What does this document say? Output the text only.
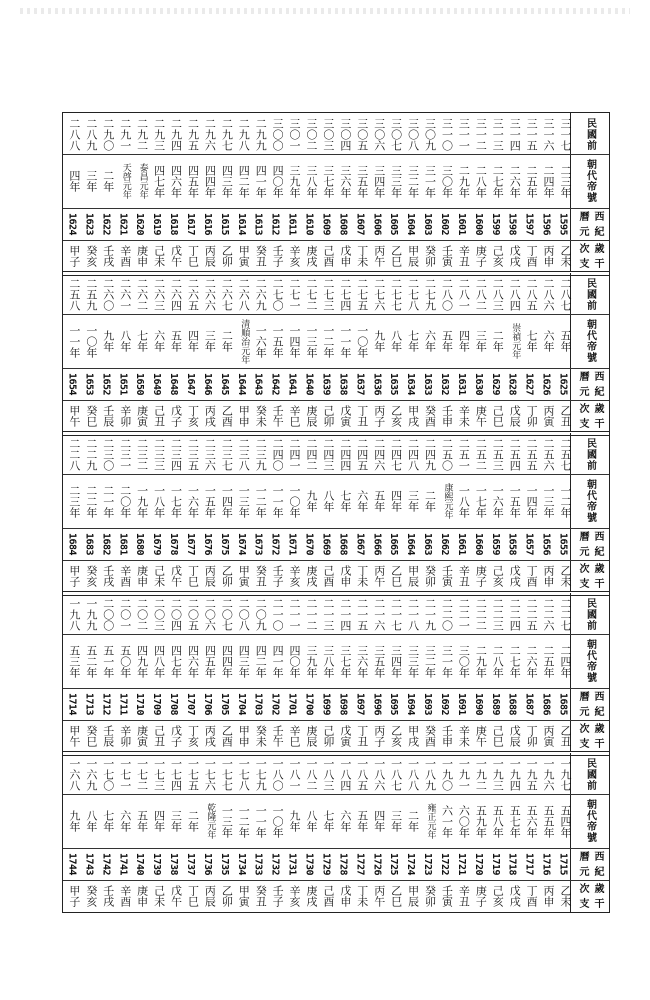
民國前
朝代
帝號
西曆
紀元
歲次
干支
三一七
二三年
1595
乙未
三一六
二四年
1596
丙申
三一五
二五年
1597
丁酉
三一四
二六年
1598
戊戌
三一三
二七年
1599
己亥
三一二
二八年
1600
庚子
三一一
二九年
1601
辛丑
三一〇
三〇年
1602
壬寅
三〇九
三一年
1603
癸卯
三〇八
三二年
1604
甲辰
三〇七
三三年
1605
乙巳
三〇六
三四年
1606
丙午
三〇五
三五年
1607
丁未
三〇四
三六年
1608
戊申
三〇三
三七年
1609
己酉
三〇二
三八年
1610
庚戌
三〇一
三九年
1611
辛亥
三〇〇
四〇年
1612
壬子
二九九
四一年
1613
癸丑
二九八
四二年
1614
甲寅
二九七
四三年
1615
乙卯
二九六
四四年
1616
丙辰
二九五
四五年
1617
丁巳
二九四
四六年
1618
戊午
二九三
四七年
1619
己未
二九二
泰昌元年
1620
庚申
二九一
天啓元年
1621
辛酉
二九〇
二年
1622
壬戌
二八九
三年
1623
癸亥
二八八
四年
1624
甲子
民國前
朝代
帝號
西曆
紀元
歲次
干支
二八七
五年
1625
乙丑
二八六
六年
1626
丙寅
二八五
七年
1627
丁卯
二八四
崇禎元年
1628
戊辰
二八三
二年
1629
己巳
二八二
三年
1630
庚午
二八一
四年
1631
辛未
二八〇
五年
1632
壬申
二七九
六年
1633
癸酉
二七八
七年
1634
甲戌
二七七
八年
1635
乙亥
二七六
九年
1636
丙子
二七五
一〇年
1637
丁丑
二七四
一一年
1638
戊寅
二七三
一二年
1639
己卯
二七二
一三年
1640
庚辰
二七一
一四年
1641
辛巳
二七〇
一五年
1642
壬午
二六九
一六年
1643
癸未
二六八
清順治元年
1644
甲申
二六七
二年
1645
乙酉
二六六
三年
1646
丙戌
二六五
四年
1647
丁亥
二六四
五年
1648
戊子
二六三
六年
1649
己丑
二六二
七年
1650
庚寅
二六一
八年
1651
辛卯
二六〇
九年
1652
壬辰
二五九
一〇年
1653
癸巳
二五八
一一年
1654
甲午
民國前
朝代
帝號
西曆
紀元
歲次
干支
二五七
一二年
1655
乙未
二五六
一三年
1656
丙申
二五五
一四年
1657
丁酉
二五四
一五年
1658
戊戌
二五三
一六年
1659
己亥
二五二
一七年
1660
庚子
二五一
一八年
1661
辛丑
二五〇
康熙元年
1662
壬寅
二四九
二年
1663
癸卯
二四八
三年
1664
甲辰
二四七
四年
1665
乙巳
二四六
五年
1666
丙午
二四五
六年
1667
丁未
二四四
七年
1668
戊申
二四三
八年
1669
己酉
二四二
九年
1670
庚戌
二四一
一〇年
1671
辛亥
二四〇
一一年
1672
壬子
二三九
一二年
1673
癸丑
二三八
一三年
1674
甲寅
二三七
一四年
1675
乙卯
二三六
一五年
1676
丙辰
二三五
一六年
1677
丁巳
二三四
一七年
1678
戊午
二三三
一八年
1679
己未
二三二
一九年
1680
庚申
二三一
二〇年
1681
辛酉
二三〇
二一年
1682
壬戌
二二九
二二年
1683
癸亥
二二八
二三年
1684
甲子
民國前
朝代
帝號
西曆
紀元
歲次
干支
二二七
二四年
1685
乙丑
二二六
二五年
1686
丙寅
二二五
二六年
1687
丁卯
二二四
二七年
1688
戊辰
二二三
二八年
1689
己巳
二二二
二九年
1690
庚午
二二一
三〇年
1691
辛未
二二〇
三一年
1692
壬申
二一九
三二年
1693
癸酉
二一八
三三年
1694
甲戌
二一七
三四年
1695
乙亥
二一六
三五年
1696
丙子
二一五
三六年
1697
丁丑
二一四
三七年
1698
戊寅
二一三
三八年
1699
己卯
二一二
三九年
1700
庚辰
二一一
四〇年
1701
辛巳
二一〇
四一年
1702
壬午
二〇九
四二年
1703
癸未
二〇八
四三年
1704
甲申
二〇七
四四年
1705
乙酉
二〇六
四五年
1706
丙戌
二〇五
四六年
1707
丁亥
二〇四
四七年
1708
戊子
二〇三
四八年
1709
己丑
二〇二
四九年
1710
庚寅
二〇一
五〇年
1711
辛卯
二〇〇
五一年
1712
壬辰
一九九
五二年
1713
癸巳
一九八
五三年
1714
甲午
民國前
朝代
帝號
西曆
紀元
歲次
干支
一九七
五四年
1715
乙未
一九六
五五年
1716
丙申
一九五
五六年
1717
丁酉
一九四
五七年
1718
戊戌
一九三
五八年
1719
己亥
一九二
五九年
1720
庚子
一九一
六〇年
1721
辛丑
一九〇
六一年
1722
壬寅
一八九
雍正元年
1723
癸卯
一八八
二年
1724
甲辰
一八七
三年
1725
乙巳
一八六
四年
1726
丙午
一八五
五年
1727
丁未
一八四
六年
1728
戊申
一八三
七年
1729
己酉
一八二
八年
1730
庚戌
一八一
九年
1731
辛亥
一八〇
一〇年
1732
壬子
一七九
一一年
1733
癸丑
一七八
一二年
1734
甲寅
一七七
一三年
1735
乙卯
一七六
乾隆元年
1736
丙辰
一七五
二年
1737
丁巳
一七四
三年
1738
戊午
一七三
四年
1739
己未
一七二
五年
1740
庚申
一七一
六年
1741
辛酉
一七〇
七年
1742
壬戌
一六九
八年
1743
癸亥
一六八
九年
1744
甲子
